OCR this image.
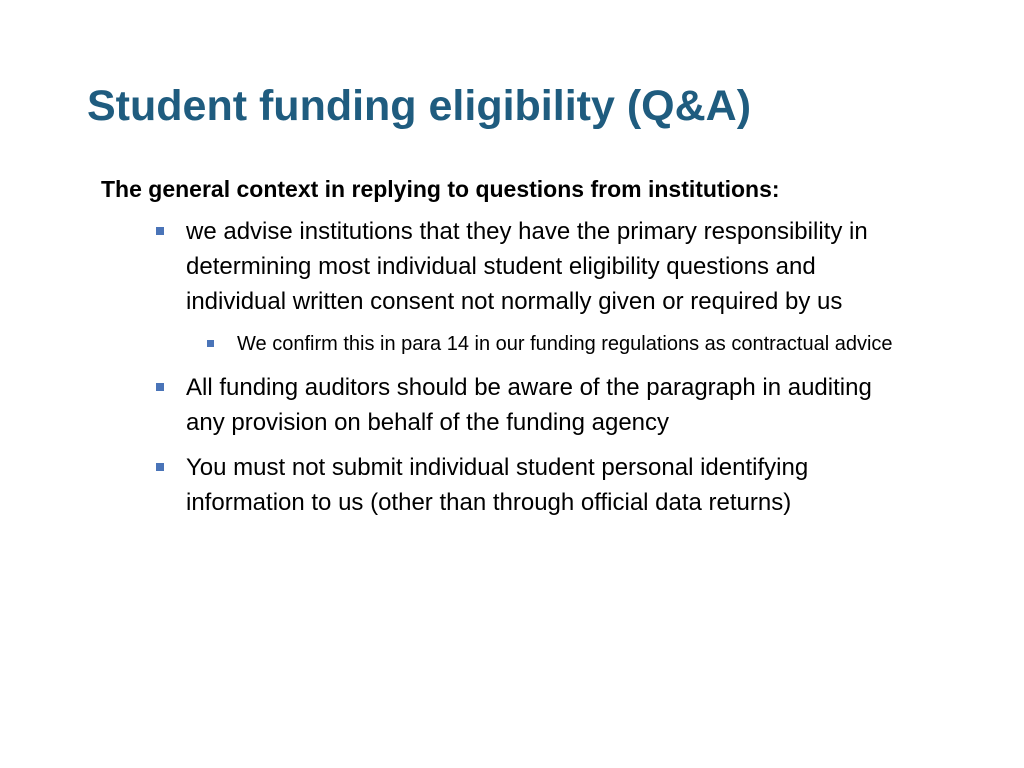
Student funding eligibility (Q&A)

The general context in replying to questions from institutions:

we advise institutions that they have the primary responsibility in determining most individual student eligibility questions and individual written consent not normally given or required by us
We confirm this in para 14 in our funding regulations as contractual advice
All funding auditors should be aware of the paragraph in auditing any provision on behalf of the funding agency
You must not submit individual student personal identifying information to us (other than through official data returns)
